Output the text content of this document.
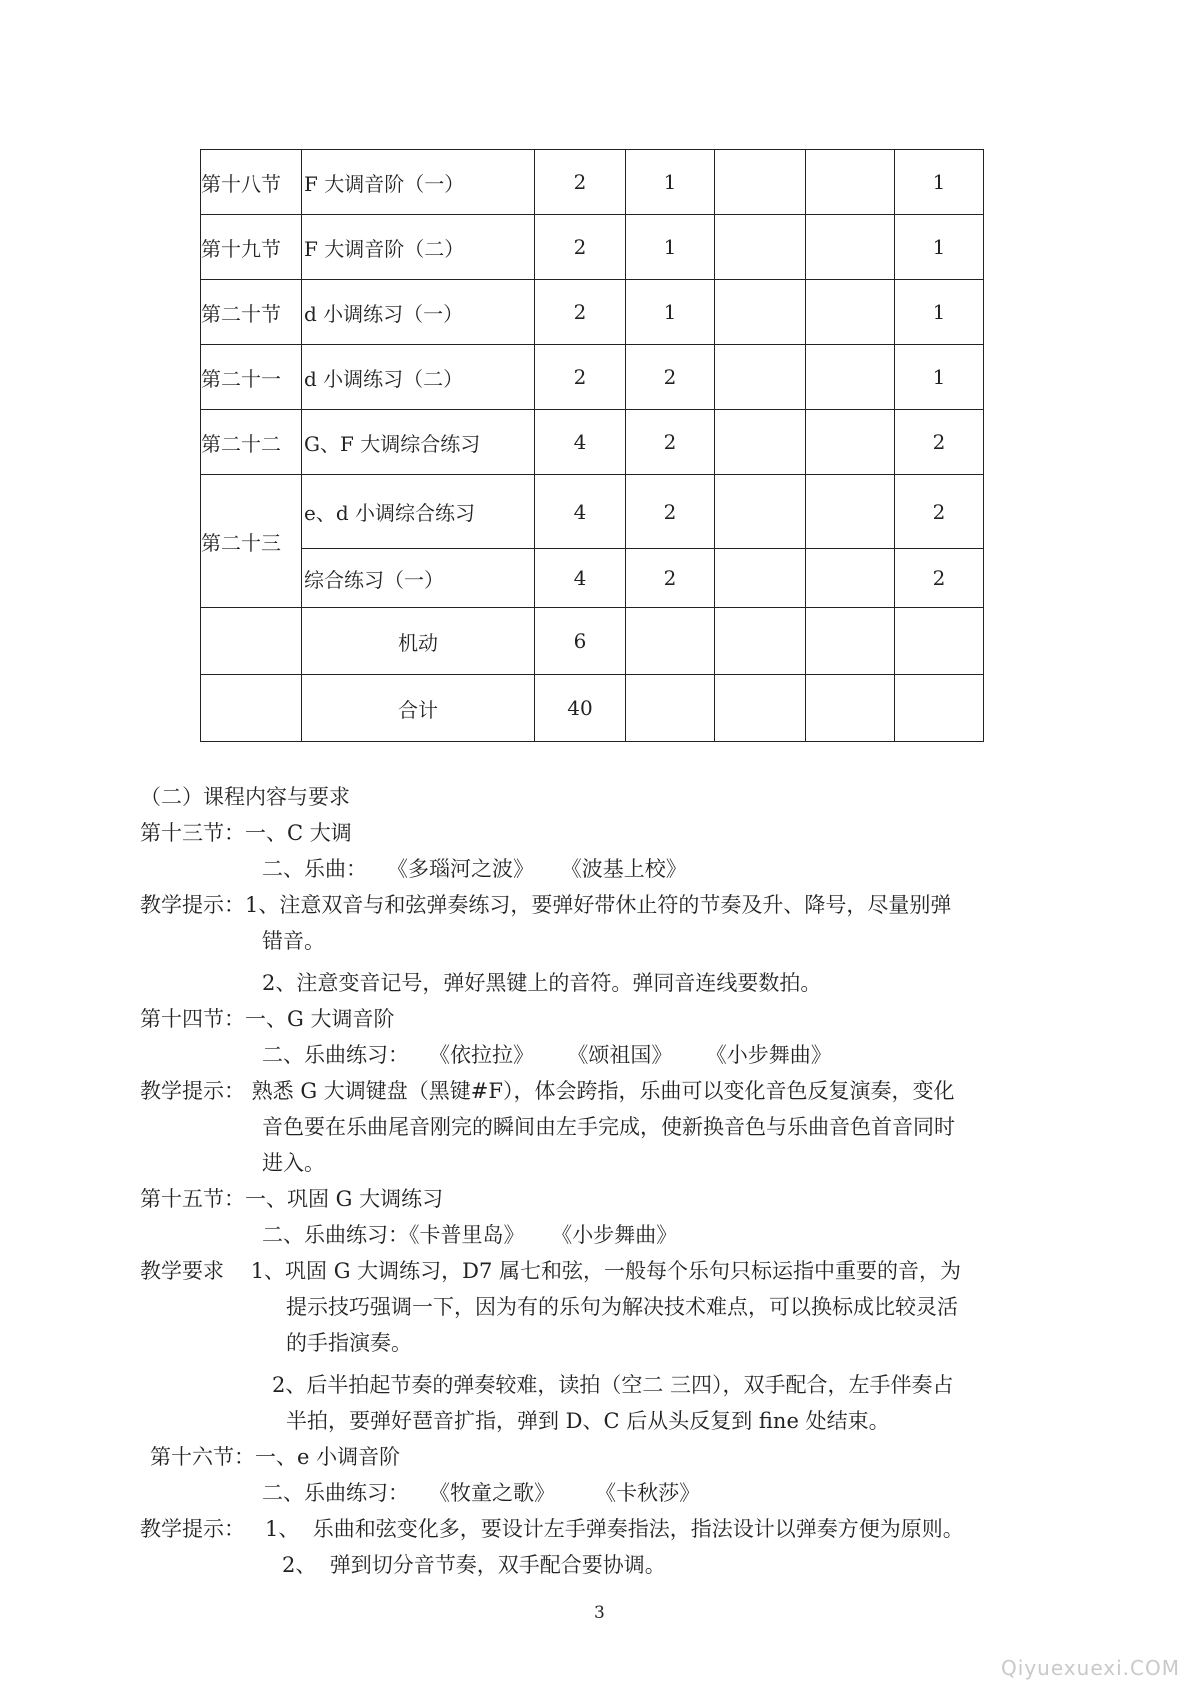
第十八节	F 大调音阶（一）	2	1			1
第十九节	F 大调音阶（二）	2	1			1
第二十节	d 小调练习（一）	2	1			1
第二十一	d 小调练习（二）	2	2			1
第二十二	G、F 大调综合练习	4	2			2
第二十三	e、d 小调综合练习	4	2			2
	综合练习（一）	4	2			2
	机动	6				
	合计	40				
（二）课程内容与要求
第十三节：一、C 大调
二、乐曲：   《多瑙河之波》    《波基上校》
教学提示：1、注意双音与和弦弹奏练习，要弹好带休止符的节奏及升、降号，尽量别弹
错音。
2、注意变音记号，弹好黑键上的音符。弹同音连线要数拍。
第十四节：一、G 大调音阶
二、乐曲练习：   《依拉拉》     《颂祖国》     《小步舞曲》
教学提示： 熟悉 G 大调键盘（黑键#F），体会跨指，乐曲可以变化音色反复演奏，变化
音色要在乐曲尾音刚完的瞬间由左手完成，使新换音色与乐曲音色首音同时
进入。
第十五节：一、巩固 G 大调练习
二、乐曲练习：《卡普里岛》    《小步舞曲》
教学要求    1、巩固 G 大调练习，D7 属七和弦，一般每个乐句只标运指中重要的音，为
提示技巧强调一下，因为有的乐句为解决技术难点，可以换标成比较灵活
的手指演奏。
2、后半拍起节奏的弹奏较难，读拍（空二 三四），双手配合，左手伴奏占
半拍，要弹好琶音扩指，弹到 D、C 后从头反复到 fine 处结束。
第十六节：一、e 小调音阶
二、乐曲练习：   《牧童之歌》      《卡秋莎》
教学提示：   1、  乐曲和弦变化多，要设计左手弹奏指法，指法设计以弹奏方便为原则。
2、  弹到切分音节奏，双手配合要协调。
3
Qiyuexuexi.COM
